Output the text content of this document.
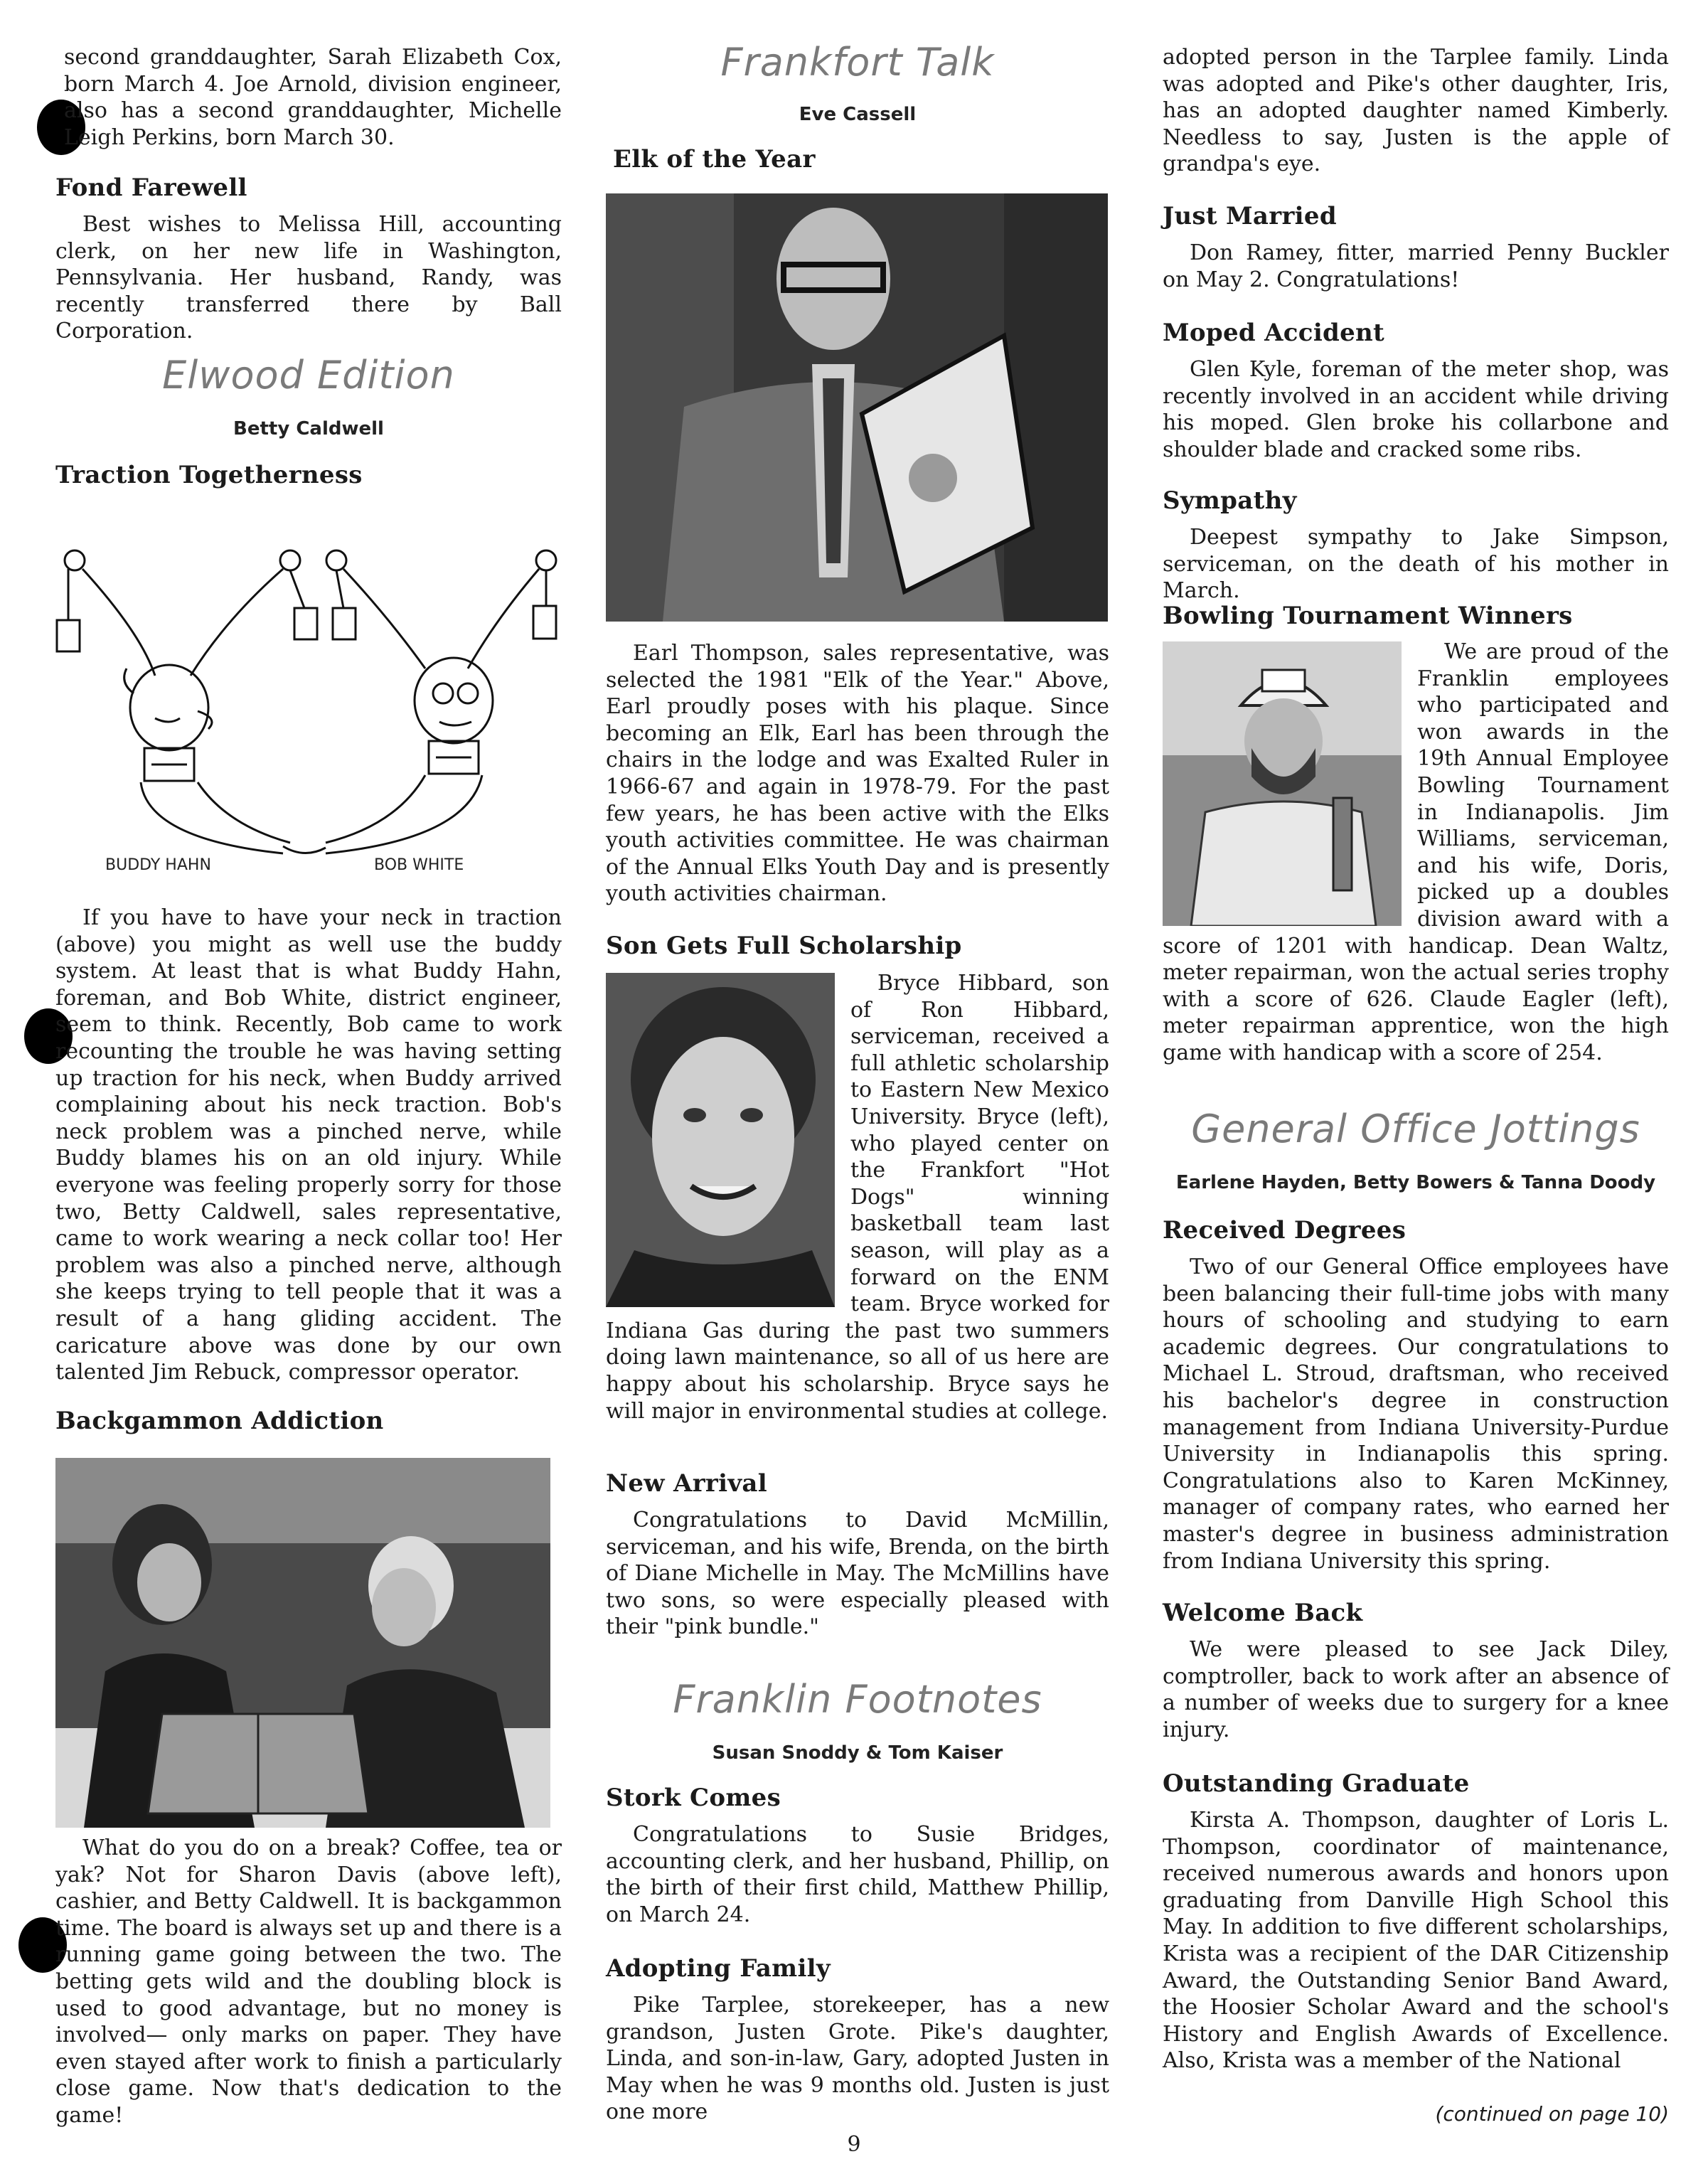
second granddaughter, Sarah Elizabeth Cox, born March 4. Joe Arnold, division engineer, also has a second granddaughter, Michelle Leigh Perkins, born March 30.

Fond Farewell

Best wishes to Melissa Hill, accounting clerk, on her new life in Washington, Pennsylvania. Her husband, Randy, was recently transferred there by Ball Corporation.

Elwood Edition

Betty Caldwell

Traction Togetherness
BUDDY HAHN	BOB WHITE

If you have to have your neck in traction (above) you might as well use the buddy system. At least that is what Buddy Hahn, foreman, and Bob White, district engineer, seem to think. Recently, Bob came to work recounting the trouble he was having setting up traction for his neck, when Buddy arrived complaining about his neck traction. Bob's neck problem was a pinched nerve, while Buddy blames his on an old injury. While everyone was feeling properly sorry for those two, Betty Caldwell, sales representative, came to work wearing a neck collar too! Her problem was also a pinched nerve, although she keeps trying to tell people that it was a result of a hang gliding accident. The caricature above was done by our own talented Jim Rebuck, compressor operator.

Backgammon Addiction

What do you do on a break? Coffee, tea or yak? Not for Sharon Davis (above left), cashier, and Betty Caldwell. It is backgammon time. The board is always set up and there is a running game going between the two. The betting gets wild and the doubling block is used to good advantage, but no money is involved— only marks on paper. They have even stayed after work to finish a particularly close game. Now that's dedication to the game!

Frankfort Talk

Eve Cassell

Elk of the Year

Earl Thompson, sales representative, was selected the 1981 "Elk of the Year." Above, Earl proudly poses with his plaque. Since becoming an Elk, Earl has been through the chairs in the lodge and was Exalted Ruler in 1966-67 and again in 1978-79. For the past few years, he has been active with the Elks youth activities committee. He was chairman of the Annual Elks Youth Day and is presently youth activities chairman.

Son Gets Full Scholarship

Bryce Hibbard, son of Ron Hibbard, serviceman, received a full athletic scholarship to Eastern New Mexico University. Bryce (left), who played center on the Frankfort "Hot Dogs" winning basketball team last season, will play as a forward on the ENM team. Bryce worked for Indiana Gas during the past two summers doing lawn maintenance, so all of us here are happy about his scholarship. Bryce says he will major in environmental studies at college.

New Arrival

Congratulations to David McMillin, serviceman, and his wife, Brenda, on the birth of Diane Michelle in May. The McMillins have two sons, so were especially pleased with their "pink bundle."

Franklin Footnotes

Susan Snoddy & Tom Kaiser

Stork Comes

Congratulations to Susie Bridges, accounting clerk, and her husband, Phillip, on the birth of their first child, Matthew Phillip, on March 24.

Adopting Family

Pike Tarplee, storekeeper, has a new grandson, Justen Grote. Pike's daughter, Linda, and son-in-law, Gary, adopted Justen in May when he was 9 months old. Justen is just one more

adopted person in the Tarplee family. Linda was adopted and Pike's other daughter, Iris, has an adopted daughter named Kimberly. Needless to say, Justen is the apple of grandpa's eye.

Just Married

Don Ramey, fitter, married Penny Buckler on May 2. Congratulations!

Moped Accident

Glen Kyle, foreman of the meter shop, was recently involved in an accident while driving his moped. Glen broke his collarbone and shoulder blade and cracked some ribs.

Sympathy

Deepest sympathy to Jake Simpson, serviceman, on the death of his mother in March.

Bowling Tournament Winners

We are proud of the Franklin employees who participated and won awards in the 19th Annual Employee Bowling Tournament in Indianapolis. Jim Williams, serviceman, and his wife, Doris, picked up a doubles division award with a score of 1201 with handicap. Dean Waltz, meter repairman, won the actual series trophy with a score of 626. Claude Eagler (left), meter repairman apprentice, won the high game with handicap with a score of 254.

General Office Jottings

Earlene Hayden, Betty Bowers & Tanna Doody

Received Degrees

Two of our General Office employees have been balancing their full-time jobs with many hours of schooling and studying to earn academic degrees. Our congratulations to Michael L. Stroud, draftsman, who received his bachelor's degree in construction management from Indiana University-Purdue University in Indianapolis this spring. Congratulations also to Karen McKinney, manager of company rates, who earned her master's degree in business administration from Indiana University this spring.

Welcome Back

We were pleased to see Jack Diley, comptroller, back to work after an absence of a number of weeks due to surgery for a knee injury.

Outstanding Graduate

Kirsta A. Thompson, daughter of Loris L. Thompson, coordinator of maintenance, received numerous awards and honors upon graduating from Danville High School this May. In addition to five different scholarships, Krista was a recipient of the DAR Citizenship Award, the Outstanding Senior Band Award, the Hoosier Scholar Award and the school's History and English Awards of Excellence. Also, Krista was a member of the National

(continued on page 10)

9
